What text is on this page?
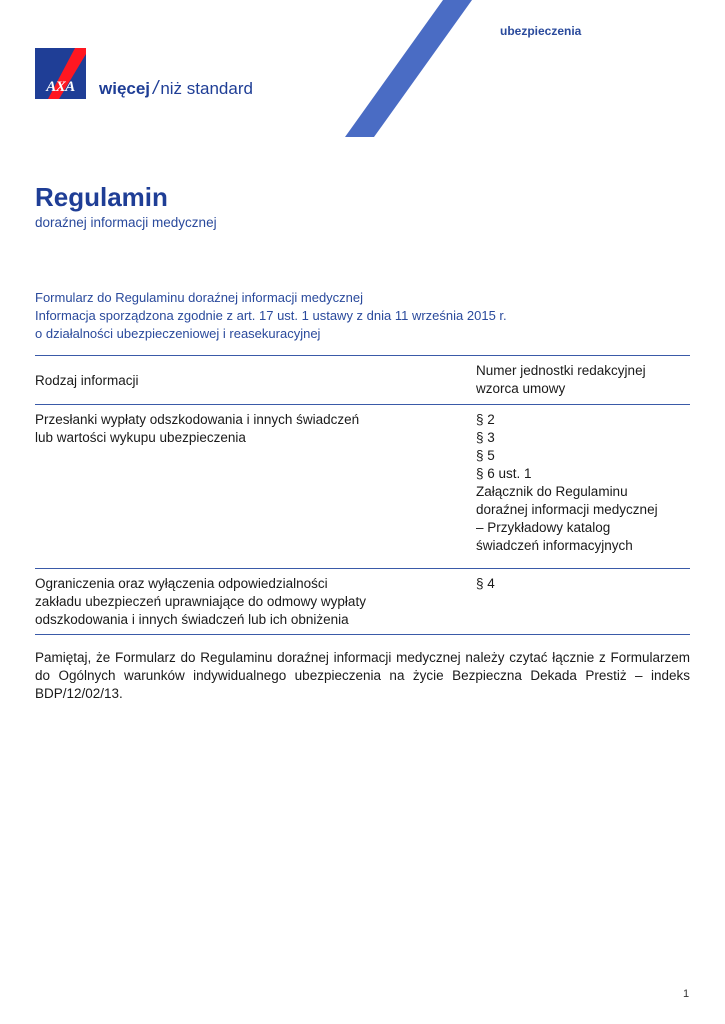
ubezpieczenia
AXA	więcej / niż standard
Regulamin
doraźnej informacji medycznej
Formularz do Regulaminu doraźnej informacji medycznej
Informacja sporządzona zgodnie z art. 17 ust. 1 ustawy z dnia 11 września 2015 r.
o działalności ubezpieczeniowej i reasekuracyjnej
Rodzaj informacji
Numer jednostki redakcyjnej
wzorca umowy
Przesłanki wypłaty odszkodowania i innych świadczeń
lub wartości wykupu ubezpieczenia
§ 2
§ 3
§ 5
§ 6 ust. 1
Załącznik do Regulaminu
doraźnej informacji medycznej
– Przykładowy katalog
świadczeń informacyjnych
Ograniczenia oraz wyłączenia odpowiedzialności
zakładu ubezpieczeń uprawniające do odmowy wypłaty
odszkodowania i innych świadczeń lub ich obniżenia
§ 4
Pamiętaj, że Formularz do Regulaminu doraźnej informacji medycznej należy czytać łącznie z Formularzem do Ogólnych warunków indywidualnego ubezpieczenia na życie Bezpieczna Dekada Prestiż – indeks BDP/12/02/13.
1
